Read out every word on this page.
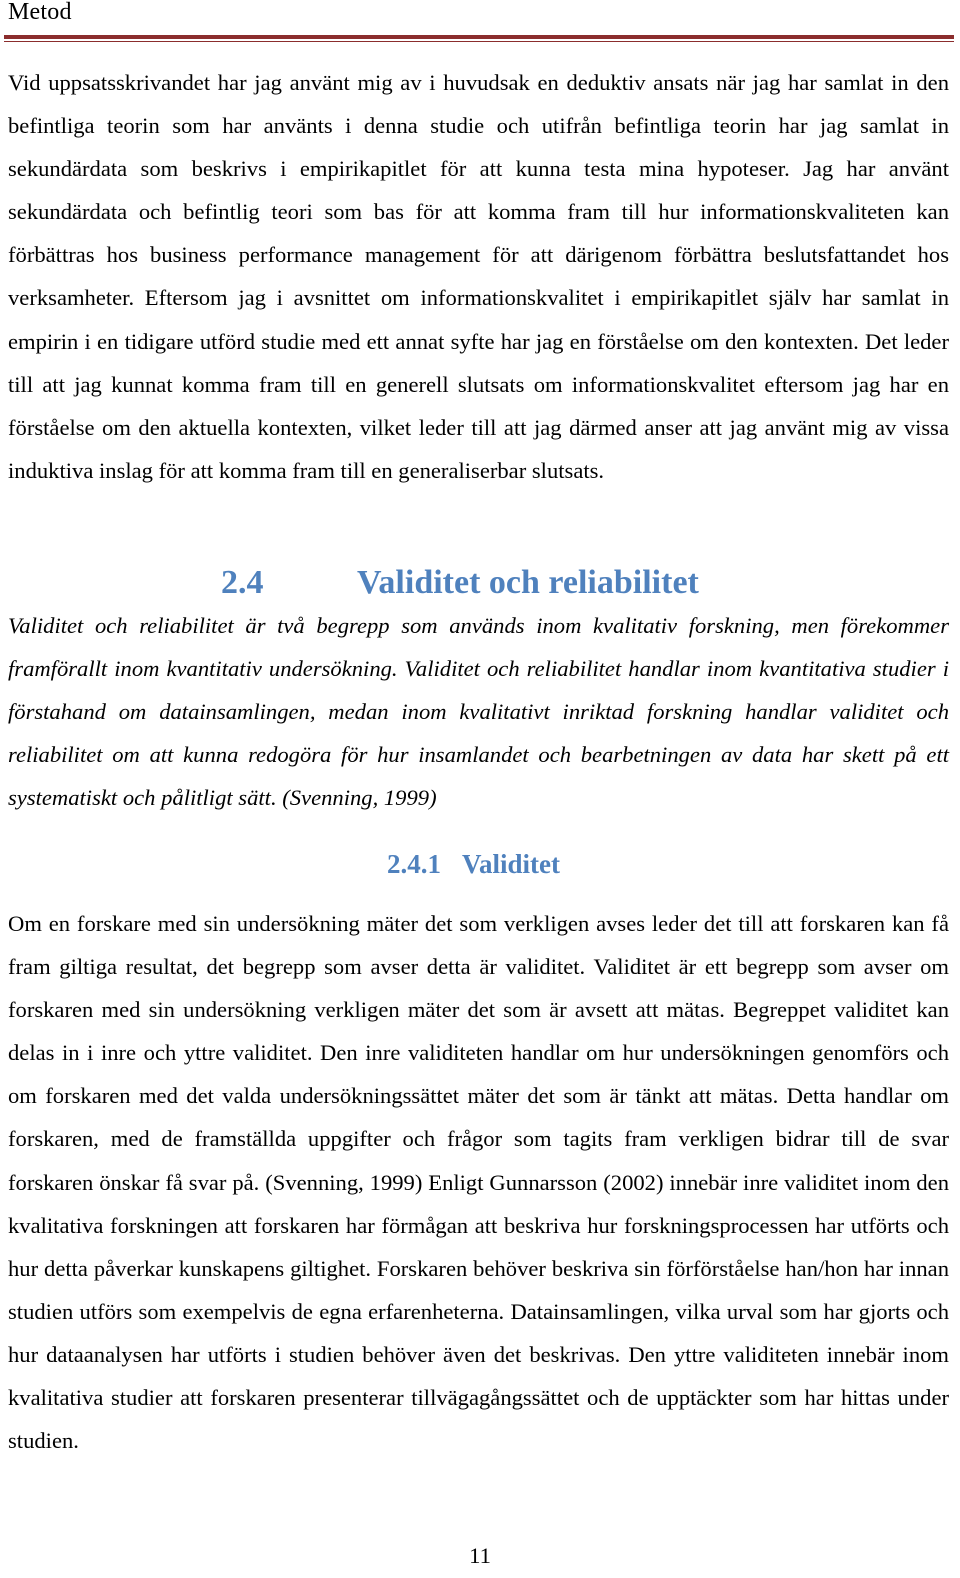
Metod

Vid uppsatsskrivandet har jag använt mig av i huvudsak en deduktiv ansats när jag har samlat in den befintliga teorin som har använts i denna studie och utifrån befintliga teorin har jag samlat in sekundärdata som beskrivs i empirikapitlet för att kunna testa mina hypoteser. Jag har använt sekundärdata och befintlig teori som bas för att komma fram till hur informationskvaliteten kan förbättras hos business performance management för att därigenom förbättra beslutsfattandet hos verksamheter. Eftersom jag i avsnittet om informationskvalitet i empirikapitlet själv har samlat in empirin i en tidigare utförd studie med ett annat syfte har jag en förståelse om den kontexten. Det leder till att jag kunnat komma fram till en generell slutsats om informationskvalitet eftersom jag har en förståelse om den aktuella kontexten, vilket leder till att jag därmed anser att jag använt mig av vissa induktiva inslag för att komma fram till en generaliserbar slutsats.

2.4	Validitet och reliabilitet

Validitet och reliabilitet är två begrepp som används inom kvalitativ forskning, men förekommer framförallt inom kvantitativ undersökning. Validitet och reliabilitet handlar inom kvantitativa studier i förstahand om datainsamlingen, medan inom kvalitativt inriktad forskning handlar validitet och reliabilitet om att kunna redogöra för hur insamlandet och bearbetningen av data har skett på ett systematiskt och pålitligt sätt. (Svenning, 1999)

2.4.1 Validitet

Om en forskare med sin undersökning mäter det som verkligen avses leder det till att forskaren kan få fram giltiga resultat, det begrepp som avser detta är validitet. Validitet är ett begrepp som avser om forskaren med sin undersökning verkligen mäter det som är avsett att mätas. Begreppet validitet kan delas in i inre och yttre validitet. Den inre validiteten handlar om hur undersökningen genomförs och om forskaren med det valda undersökningssättet mäter det som är tänkt att mätas. Detta handlar om forskaren, med de framställda uppgifter och frågor som tagits fram verkligen bidrar till de svar forskaren önskar få svar på. (Svenning, 1999) Enligt Gunnarsson (2002) innebär inre validitet inom den kvalitativa forskningen att forskaren har förmågan att beskriva hur forskningsprocessen har utförts och hur detta påverkar kunskapens giltighet. Forskaren behöver beskriva sin förförståelse han/hon har innan studien utförs som exempelvis de egna erfarenheterna. Datainsamlingen, vilka urval som har gjorts och hur dataanalysen har utförts i studien behöver även det beskrivas. Den yttre validiteten innebär inom kvalitativa studier att forskaren presenterar tillvägagångssättet och de upptäckter som har hittas under studien.

11
